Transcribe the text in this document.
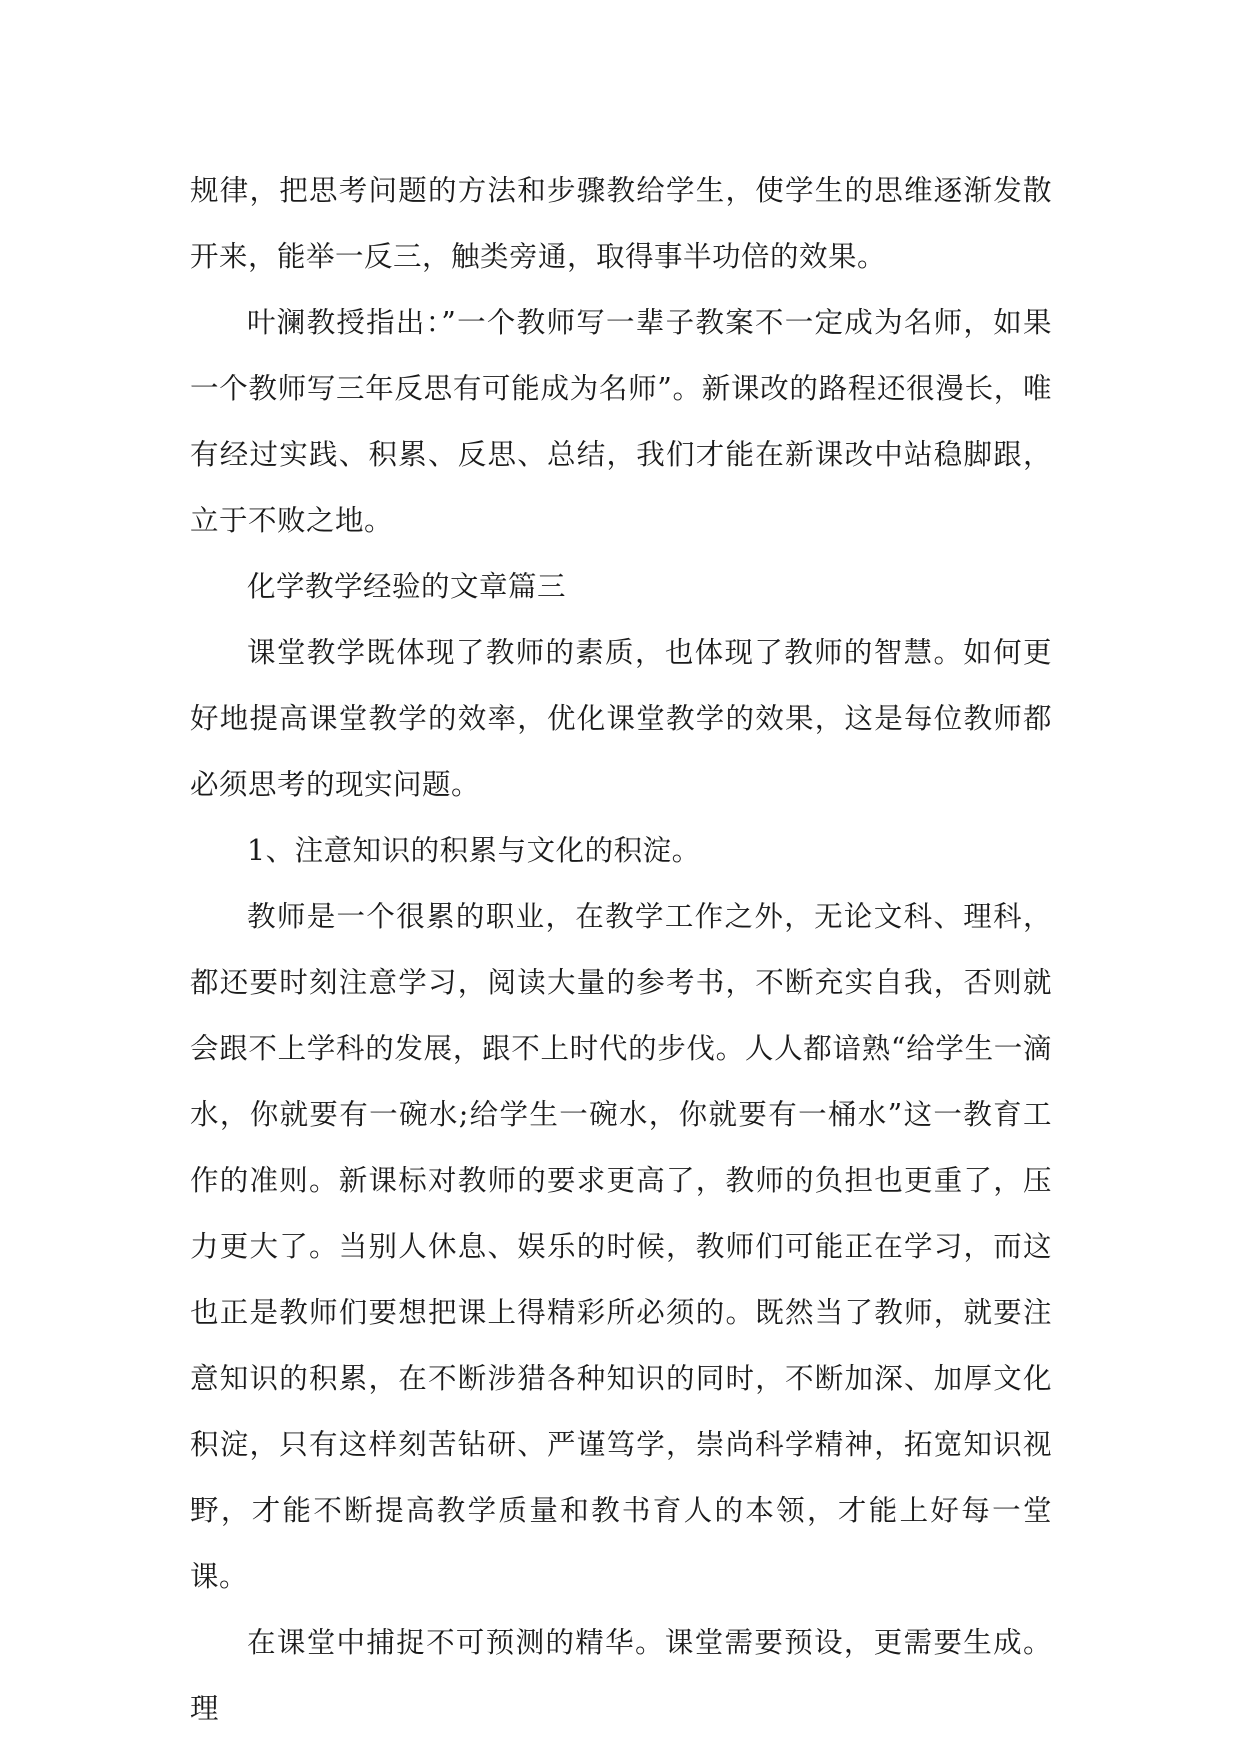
规律，把思考问题的方法和步骤教给学生，使学生的思维逐渐发散开来，能举一反三，触类旁通，取得事半功倍的效果。

叶澜教授指出：”一个教师写一辈子教案不一定成为名师，如果一个教师写三年反思有可能成为名师”。新课改的路程还很漫长，唯有经过实践、积累、反思、总结，我们才能在新课改中站稳脚跟，立于不败之地。

化学教学经验的文章篇三

课堂教学既体现了教师的素质，也体现了教师的智慧。如何更好地提高课堂教学的效率，优化课堂教学的效果，这是每位教师都必须思考的现实问题。

1、注意知识的积累与文化的积淀。

教师是一个很累的职业，在教学工作之外，无论文科、理科，都还要时刻注意学习，阅读大量的参考书，不断充实自我，否则就会跟不上学科的发展，跟不上时代的步伐。人人都谙熟“给学生一滴水，你就要有一碗水;给学生一碗水，你就要有一桶水”这一教育工作的准则。新课标对教师的要求更高了，教师的负担也更重了，压力更大了。当别人休息、娱乐的时候，教师们可能正在学习，而这也正是教师们要想把课上得精彩所必须的。既然当了教师，就要注意知识的积累，在不断涉猎各种知识的同时，不断加深、加厚文化积淀，只有这样刻苦钻研、严谨笃学，崇尚科学精神，拓宽知识视野，才能不断提高教学质量和教书育人的本领，才能上好每一堂课。

在课堂中捕捉不可预测的精华。课堂需要预设，更需要生成。理
